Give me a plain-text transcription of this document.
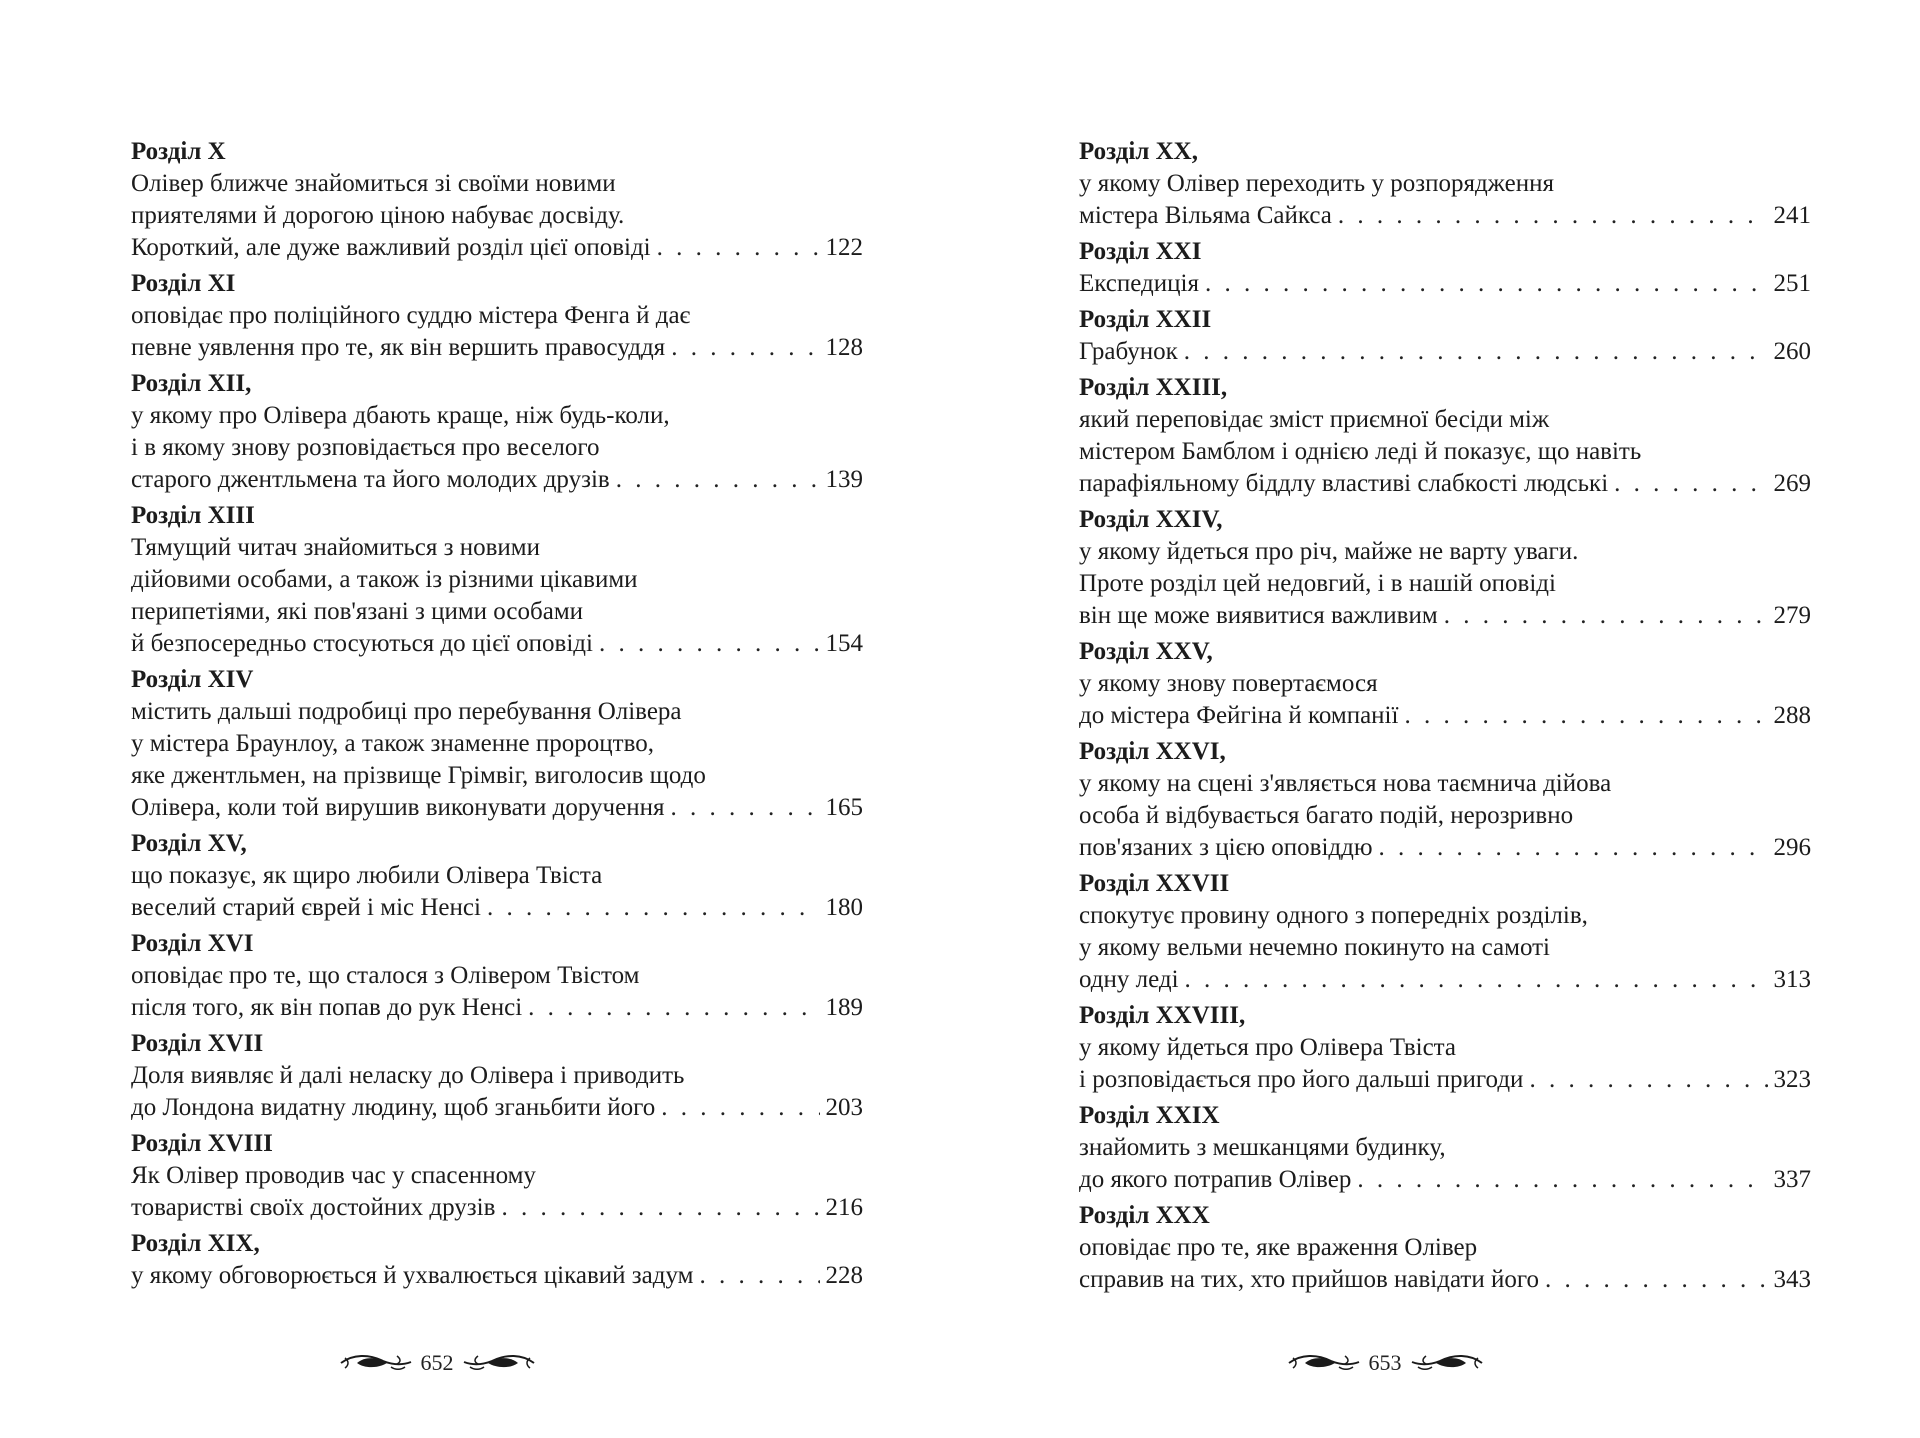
Розділ X
Олівер ближче знайомиться зі своїми новими
приятелями й дорогою ціною набуває досвіду.
Короткий, але дуже важливий розділ цієї оповіді . . .	122
Розділ XI
оповідає про поліційного суддю містера Фенга й дає
певне уявлення про те, як він вершить правосуддя . . .	128
Розділ XII,
у якому про Олівера дбають краще, ніж будь-коли,
і в якому знову розповідається про веселого
старого джентльмена та його молодих друзів . . .	139
Розділ XIII
Тямущий читач знайомиться з новими
дійовими особами, а також із різними цікавими
перипетіями, які пов'язані з цими особами
й безпосередньо стосуються до цієї оповіді . . .	154
Розділ XIV
містить дальші подробиці про перебування Олівера
у містера Браунлоу, а також знаменне пророцтво,
яке джентльмен, на прізвище Грімвіг, виголосив щодо
Олівера, коли той вирушив виконувати доручення . . .	165
Розділ XV,
що показує, як щиро любили Олівера Твіста
веселий старий єврей і міс Ненсі . . .	180
Розділ XVI
оповідає про те, що сталося з Олівером Твістом
після того, як він попав до рук Ненсі . . .	189
Розділ XVII
Доля виявляє й далі неласку до Олівера і приводить
до Лондона видатну людину, щоб зганьбити його . . .	203
Розділ XVIII
Як Олівер проводив час у спасенному
товаристві своїх достойних друзів . . .	216
Розділ XIX,
у якому обговорюється й ухвалюється цікавий задум . . .	228
652
Розділ XX,
у якому Олівер переходить у розпорядження
містера Вільяма Сайкса . . .	241
Розділ XXI
Експедиція . . .	251
Розділ XXII
Грабунок . . .	260
Розділ XXIII,
який переповідає зміст приємної бесіди між
містером Бамблом і однією леді й показує, що навіть
парафіяльному біддлу властиві слабкості людські . . .	269
Розділ XXIV,
у якому йдеться про річ, майже не варту уваги.
Проте розділ цей недовгий, і в нашій оповіді
він ще може виявитися важливим . . .	279
Розділ XXV,
у якому знову повертаємося
до містера Фейгіна й компанії . . .	288
Розділ XXVI,
у якому на сцені з'являється нова таємнича дійова
особа й відбувається багато подій, нерозривно
пов'язаних з цією оповіддю . . .	296
Розділ XXVII
спокутує провину одного з попередніх розділів,
у якому вельми нечемно покинуто на самоті
одну леді . . .	313
Розділ XXVIII,
у якому йдеться про Олівера Твіста
і розповідається про його дальші пригоди . . .	323
Розділ XXIX
знайомить з мешканцями будинку,
до якого потрапив Олівер . . .	337
Розділ XXX
оповідає про те, яке враження Олівер
справив на тих, хто прийшов навідати його . . .	343
653
